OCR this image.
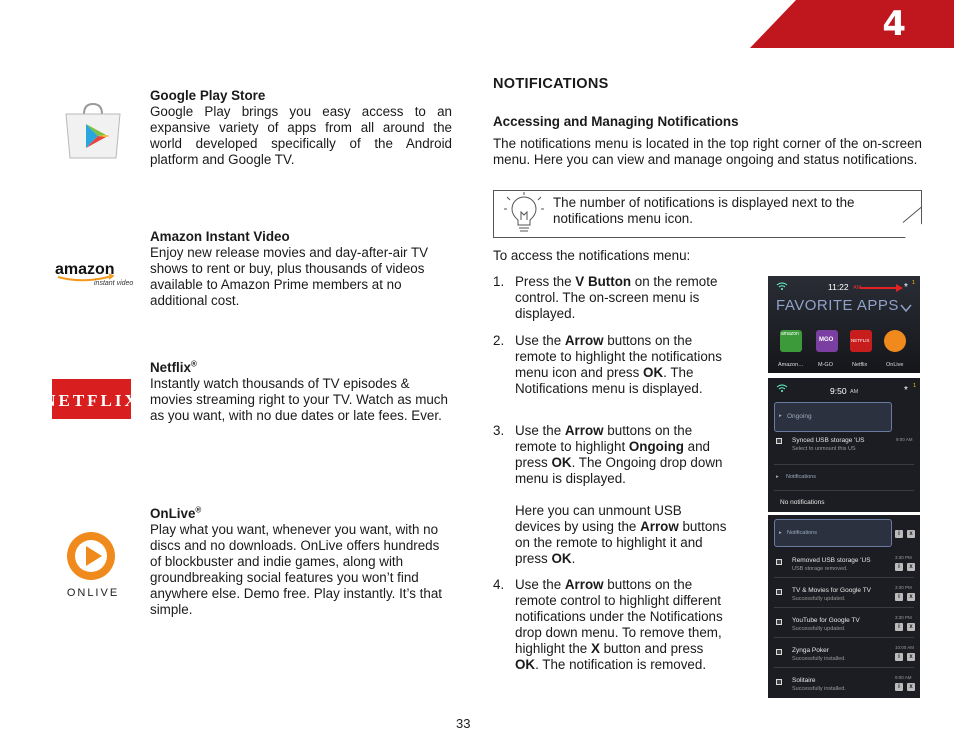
4
amazon
instant video
NETFLIX
ONLIVE
Google Play Store
Google Play brings you easy access to an expansive variety of apps from all around the world developed specifically of the Android platform and Google TV.
Amazon Instant Video
Enjoy new release movies and day-after-air TV shows to rent or buy, plus thousands of videos available to Amazon Prime members at no additional cost.
Netflix®
Instantly watch thousands of TV episodes & movies streaming right to your TV. Watch as much as you want, with no due dates or late fees. Ever.
OnLive®
Play what you want, whenever you want, with no discs and no downloads. OnLive offers hundreds of blockbuster and indie games, along with groundbreaking social features you won’t find anywhere else. Demo free. Play instantly. It’s that simple.
NOTIFICATIONS
Accessing and Managing Notifications
The notifications menu is located in the top right corner of the on-screen menu. Here you can view and manage ongoing and status notifications.
The number of notifications is displayed next to the notifications menu icon.
To access the notifications menu:
1. Press the V Button on the remote control. The on-screen menu is displayed.
2. Use the Arrow buttons on the remote to highlight the notifications menu icon and press OK. The Notifications menu is displayed.
3. Use the Arrow buttons on the remote to highlight Ongoing and press OK. The Ongoing drop down menu is displayed.
Here you can unmount USB devices by using the Arrow buttons on the remote to highlight it and press OK.
4. Use the Arrow buttons on the remote control to highlight different notifications under the Notifications drop down menu. To remove them, highlight the X button and press OK. The notification is removed.
11:22 AM	* 1
FAVORITE APPS
amazon
MGO	NETFLIX
Amazon…	M-GO	Netflix	OnLive
9:50 AM	* 1
▸ Ongoing
Synced USB storage 'US
Select to unmount this US
9:00 AM
▸ Notifications
No notifications
▸ Notifications	i	x
Removed USB storage 'US
USB storage removed.
3:30 PM
i	x
TV & Movies for Google TV
Successfully updated.
3:30 PM
i	x
YouTube for Google TV
Successfully updated.
3:30 PM
i	x
Zynga Poker
Successfully installed.
10:00 AM
i	x
Solitaire
Successfully installed.
9:00 AM
i	x
33
